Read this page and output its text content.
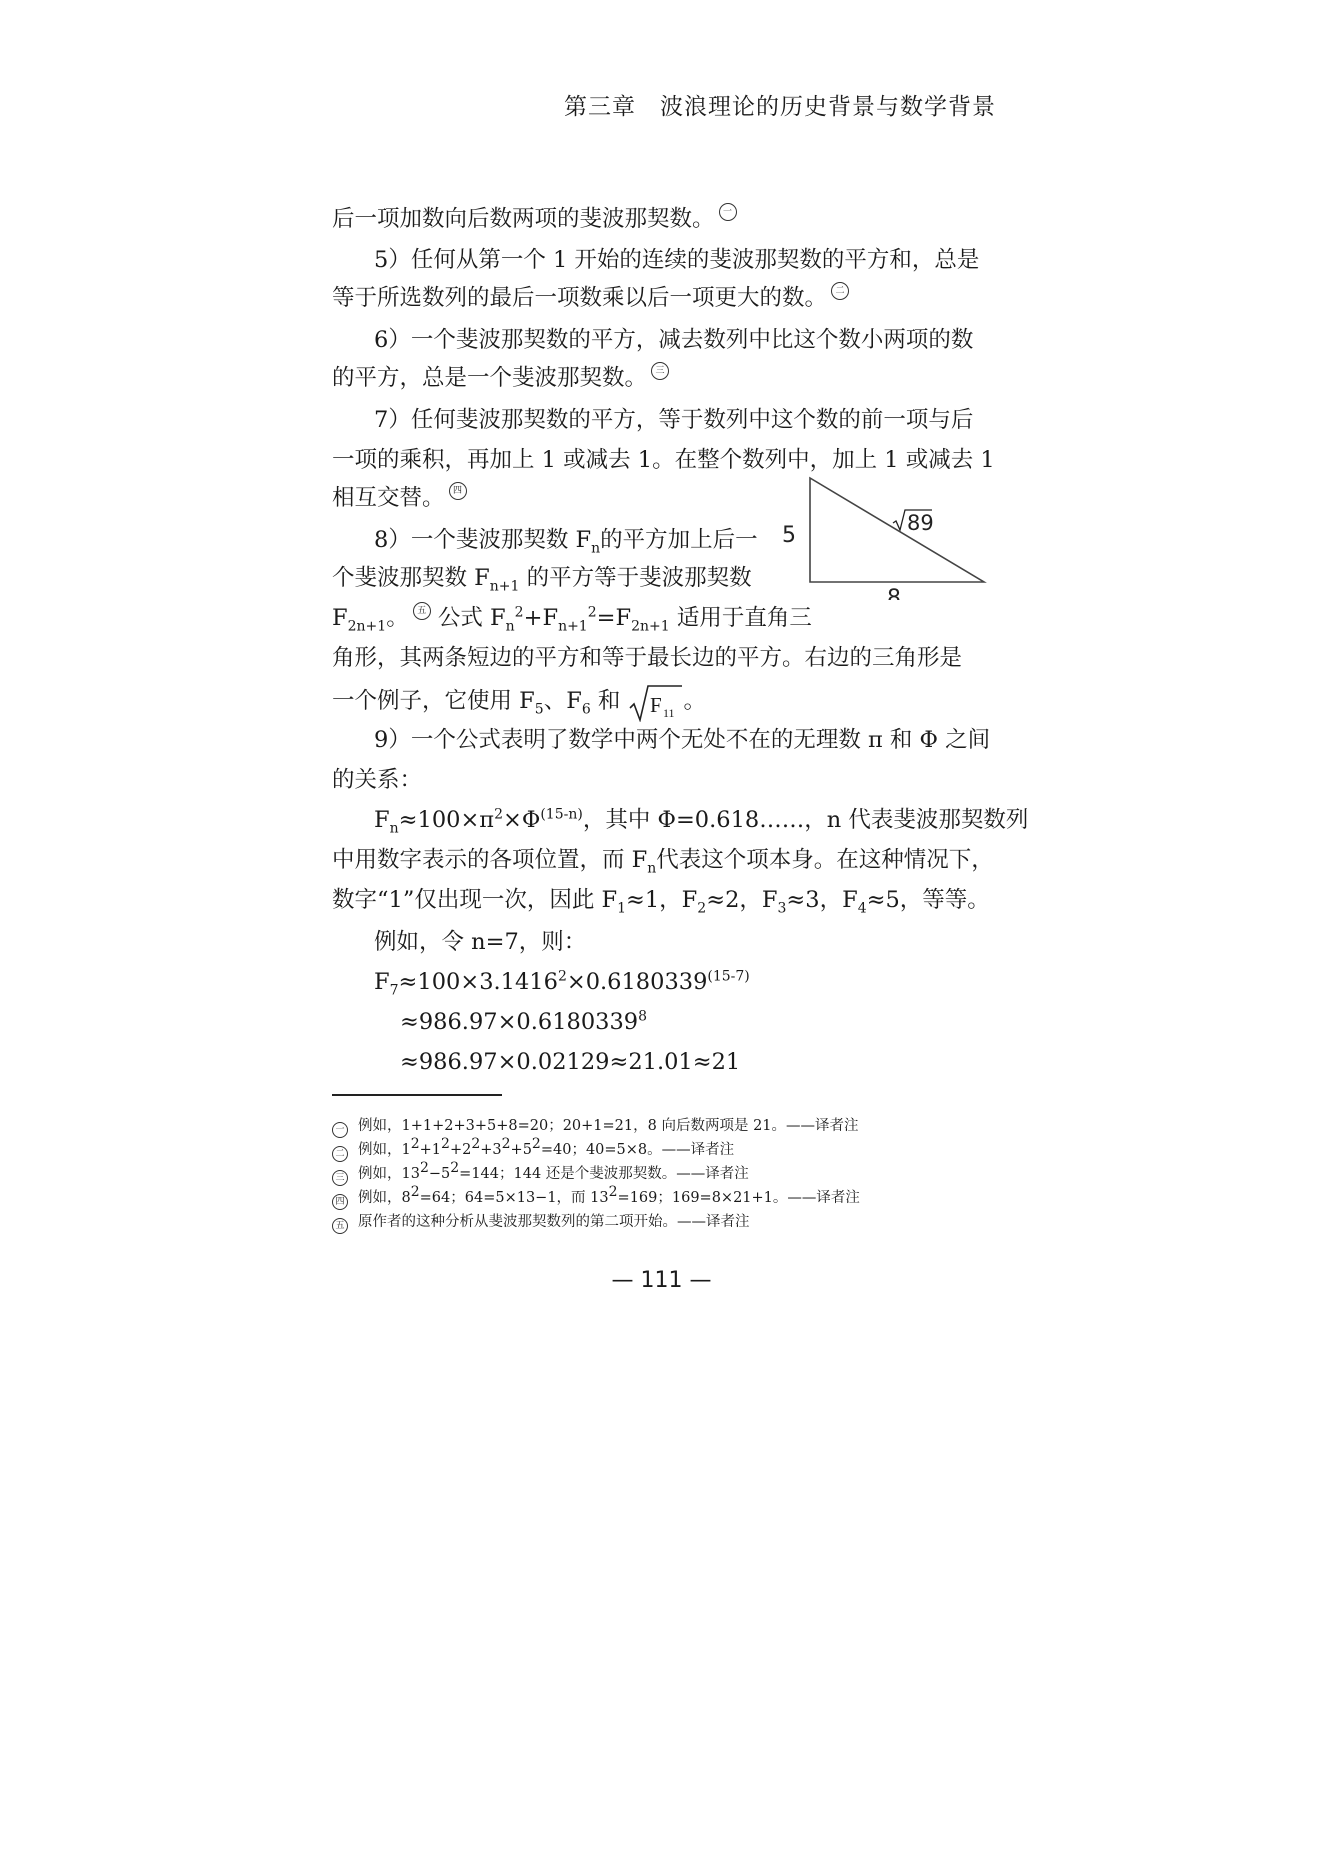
第三章　波浪理论的历史背景与数学背景
后一项加数向后数两项的斐波那契数。 一
5）任何从第一个 1 开始的连续的斐波那契数的平方和，总是
等于所选数列的最后一项数乘以后一项更大的数。 二
6）一个斐波那契数的平方，减去数列中比这个数小两项的数
的平方，总是一个斐波那契数。 三
7）任何斐波那契数的平方，等于数列中这个数的前一项与后
一项的乘积，再加上 1 或减去 1。在整个数列中，加上 1 或减去 1
相互交替。 四
8）一个斐波那契数 $F_n$的平方加上后一
个斐波那契数 $F_{n+1}$ 的平方等于斐波那契数
$F_{2n+1}$。 五 公式 $F_n^2+F_{n+1}^2=F_{2n+1}$ 适用于直角三
角形，其两条短边的平方和等于最长边的平方。右边的三角形是
一个例子，它使用 $F_5$、$F_6$ 和 F 11 。
5	89
8
9）一个公式表明了数学中两个无处不在的无理数 π 和 Φ 之间
的关系：
$F_n\approx 100\times\pi^2\times\Phi^{(15-n)}$，其中 Φ=0.618……，n 代表斐波那契数列
中用数字表示的各项位置，而 $F_n$代表这个项本身。在这种情况下，
数字“1”仅出现一次，因此 $F_1\approx 1$，$F_2\approx 2$，$F_3\approx 3$，$F_4\approx 5$，等等。
例如，令 n=7，则：
$F_7\approx 100\times 3.1416^2\times 0.6180339^{(15-7)}$
$\approx 986.97\times 0.6180339^8$
≈986.97×0.02129≈21.01≈21
一 例如，1+1+2+3+5+8=20；20+1=21，8 向后数两项是 21。——译者注
二 例如，$1^2+1^2+2^2+3^2+5^2=40$；40=5×8。——译者注
三 例如，$13^2-5^2=144$；144 还是个斐波那契数。——译者注
四 例如，$8^2=64$；64=5×13−1，而 $13^2=169$；169=8×21+1。——译者注
五 原作者的这种分析从斐波那契数列的第二项开始。——译者注
— 111 —
